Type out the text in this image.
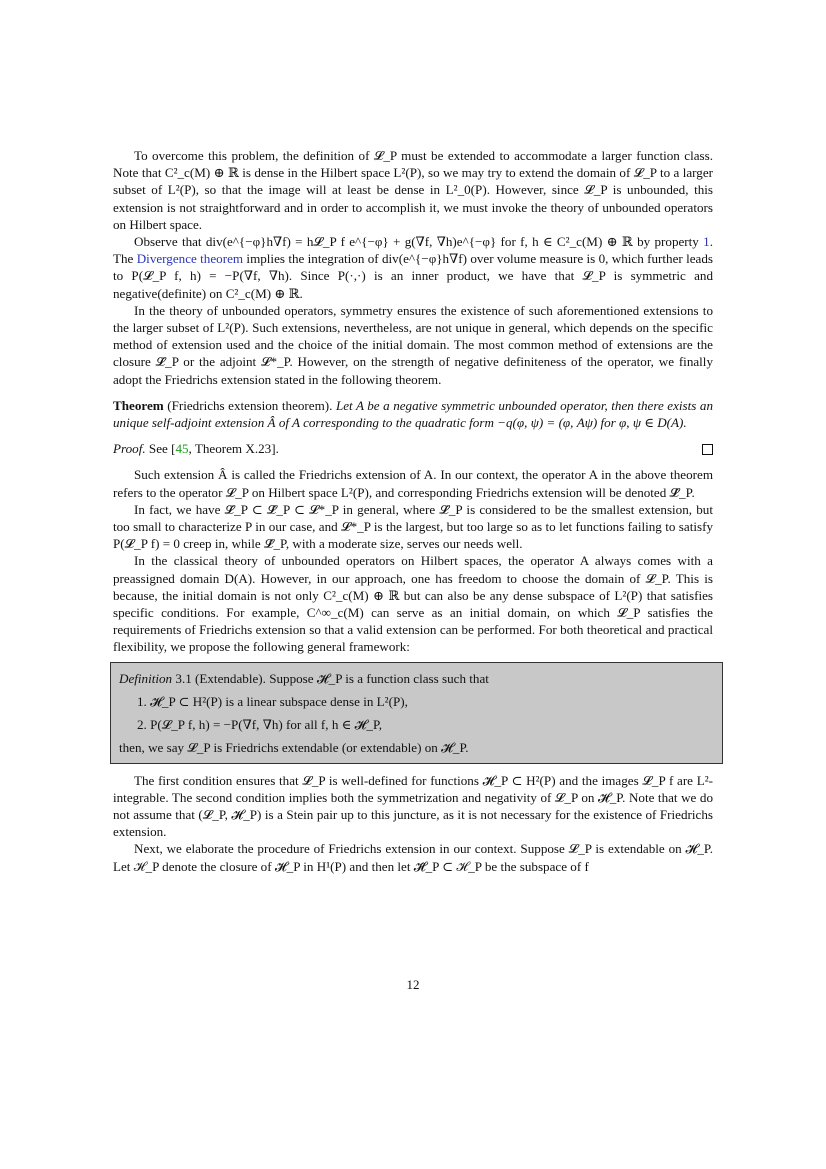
To overcome this problem, the definition of 𝓛_P must be extended to accommodate a larger function class. Note that C²_c(M) ⊕ ℝ is dense in the Hilbert space L²(P), so we may try to extend the domain of 𝓛_P to a larger subset of L²(P), so that the image will at least be dense in L²_0(P). However, since 𝓛_P is unbounded, this extension is not straightforward and in order to accomplish it, we must invoke the theory of unbounded operators on Hilbert space.

Observe that div(e^{−φ}h∇f) = h𝓛_P f e^{−φ} + g(∇f, ∇h)e^{−φ} for f, h ∈ C²_c(M) ⊕ ℝ by property 1. The Divergence theorem implies the integration of div(e^{−φ}h∇f) over volume measure is 0, which further leads to P(𝓛_P f, h) = −P(∇f, ∇h). Since P(·,·) is an inner product, we have that 𝓛_P is symmetric and negative(definite) on C²_c(M) ⊕ ℝ.

In the theory of unbounded operators, symmetry ensures the existence of such aforementioned extensions to the larger subset of L²(P). Such extensions, nevertheless, are not unique in general, which depends on the specific method of extension used and the choice of the initial domain. The most common method of extensions are the closure 𝓛̄_P or the adjoint 𝓛*_P. However, on the strength of negative definiteness of the operator, we finally adopt the Friedrichs extension stated in the following theorem.

Theorem (Friedrichs extension theorem). Let A be a negative symmetric unbounded operator, then there exists an unique self-adjoint extension Â of A corresponding to the quadratic form −q(φ, ψ) = (φ, Aψ) for φ, ψ ∈ D(A).

Proof. See [45, Theorem X.23].

Such extension Â is called the Friedrichs extension of A. In our context, the operator A in the above theorem refers to the operator 𝓛_P on Hilbert space L²(P), and corresponding Friedrichs extension will be denoted 𝓛̂_P.

In fact, we have 𝓛̄_P ⊂ 𝓛̂_P ⊂ 𝓛*_P in general, where 𝓛̄_P is considered to be the smallest extension, but too small to characterize P in our case, and 𝓛*_P is the largest, but too large so as to let functions failing to satisfy P(𝓛_P f) = 0 creep in, while 𝓛̂_P, with a moderate size, serves our needs well.

In the classical theory of unbounded operators on Hilbert spaces, the operator A always comes with a preassigned domain D(A). However, in our approach, one has freedom to choose the domain of 𝓛_P. This is because, the initial domain is not only C²_c(M) ⊕ ℝ but can also be any dense subspace of L²(P) that satisfies specific conditions. For example, C^∞_c(M) can serve as an initial domain, on which 𝓛_P satisfies the requirements of Friedrichs extension so that a valid extension can be performed. For both theoretical and practical flexibility, we propose the following general framework:

Definition 3.1 (Extendable). Suppose 𝓗_P is a function class such that

1. 𝓗_P ⊂ H²(P) is a linear subspace dense in L²(P),

2. P(𝓛_P f, h) = −P(∇f, ∇h) for all f, h ∈ 𝓗_P,

then, we say 𝓛_P is Friedrichs extendable (or extendable) on 𝓗_P.

The first condition ensures that 𝓛_P is well-defined for functions 𝓗_P ⊂ H²(P) and the images 𝓛_P f are L²-integrable. The second condition implies both the symmetrization and negativity of 𝓛_P on 𝓗_P. Note that we do not assume that (𝓛_P, 𝓗_P) is a Stein pair up to this juncture, as it is not necessary for the existence of Friedrichs extension.

Next, we elaborate the procedure of Friedrichs extension in our context. Suppose 𝓛_P is extendable on 𝓗_P. Let ℋ_P denote the closure of 𝓗_P in H¹(P) and then let 𝓗̂_P ⊂ ℋ_P be the subspace of f

12
